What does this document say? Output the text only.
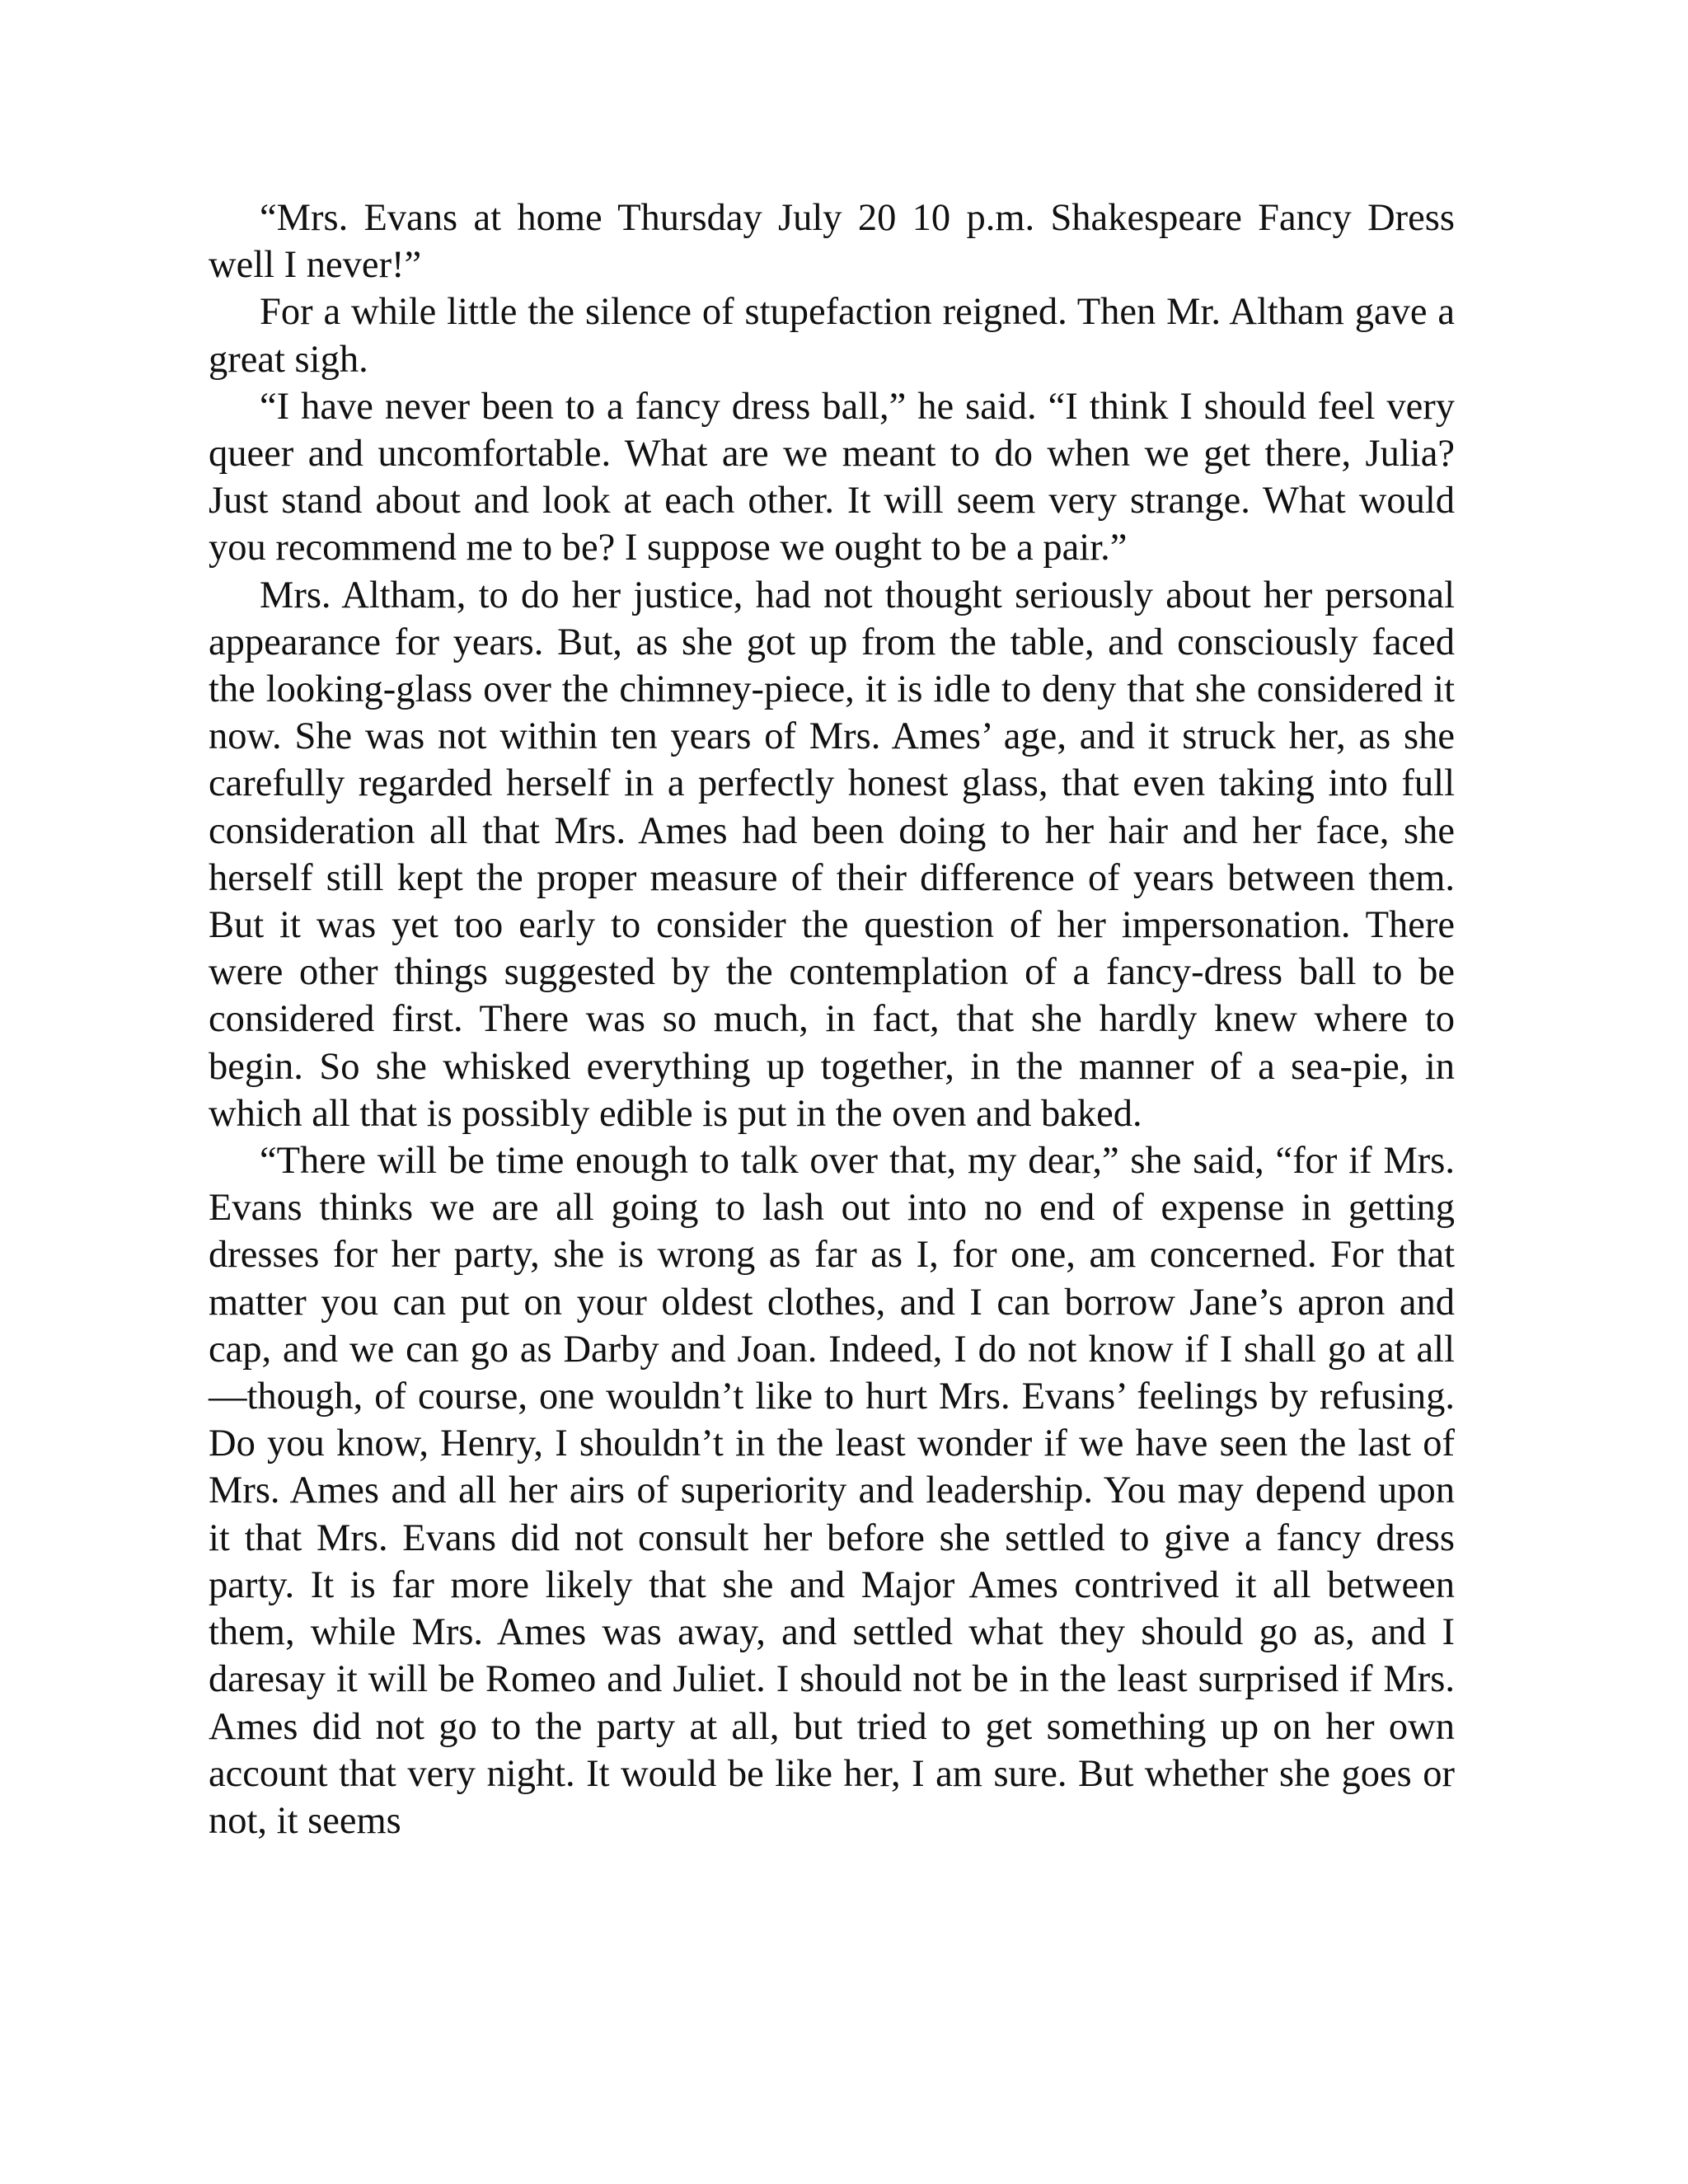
“Mrs. Evans at home Thursday July 20 10 p.m. Shakespeare Fancy Dress well I never!”

For a while little the silence of stupefaction reigned. Then Mr. Altham gave a great sigh.

“I have never been to a fancy dress ball,” he said. “I think I should feel very queer and uncomfortable. What are we meant to do when we get there, Julia? Just stand about and look at each other. It will seem very strange. What would you recommend me to be? I suppose we ought to be a pair.”

Mrs. Altham, to do her justice, had not thought seriously about her personal appearance for years. But, as she got up from the table, and consciously faced the looking-glass over the chimney-piece, it is idle to deny that she considered it now. She was not within ten years of Mrs. Ames’ age, and it struck her, as she carefully regarded herself in a perfectly honest glass, that even taking into full consideration all that Mrs. Ames had been doing to her hair and her face, she herself still kept the proper measure of their difference of years between them. But it was yet too early to consider the question of her impersonation. There were other things suggested by the contemplation of a fancy-dress ball to be considered first. There was so much, in fact, that she hardly knew where to begin. So she whisked everything up together, in the manner of a sea-pie, in which all that is possibly edible is put in the oven and baked.

“There will be time enough to talk over that, my dear,” she said, “for if Mrs. Evans thinks we are all going to lash out into no end of expense in getting dresses for her party, she is wrong as far as I, for one, am concerned. For that matter you can put on your oldest clothes, and I can borrow Jane’s apron and cap, and we can go as Darby and Joan. Indeed, I do not know if I shall go at all—though, of course, one wouldn’t like to hurt Mrs. Evans’ feelings by refusing. Do you know, Henry, I shouldn’t in the least wonder if we have seen the last of Mrs. Ames and all her airs of superiority and leadership. You may depend upon it that Mrs. Evans did not consult her before she settled to give a fancy dress party. It is far more likely that she and Major Ames contrived it all between them, while Mrs. Ames was away, and settled what they should go as, and I daresay it will be Romeo and Juliet. I should not be in the least surprised if Mrs. Ames did not go to the party at all, but tried to get something up on her own account that very night. It would be like her, I am sure. But whether she goes or not, it seems
